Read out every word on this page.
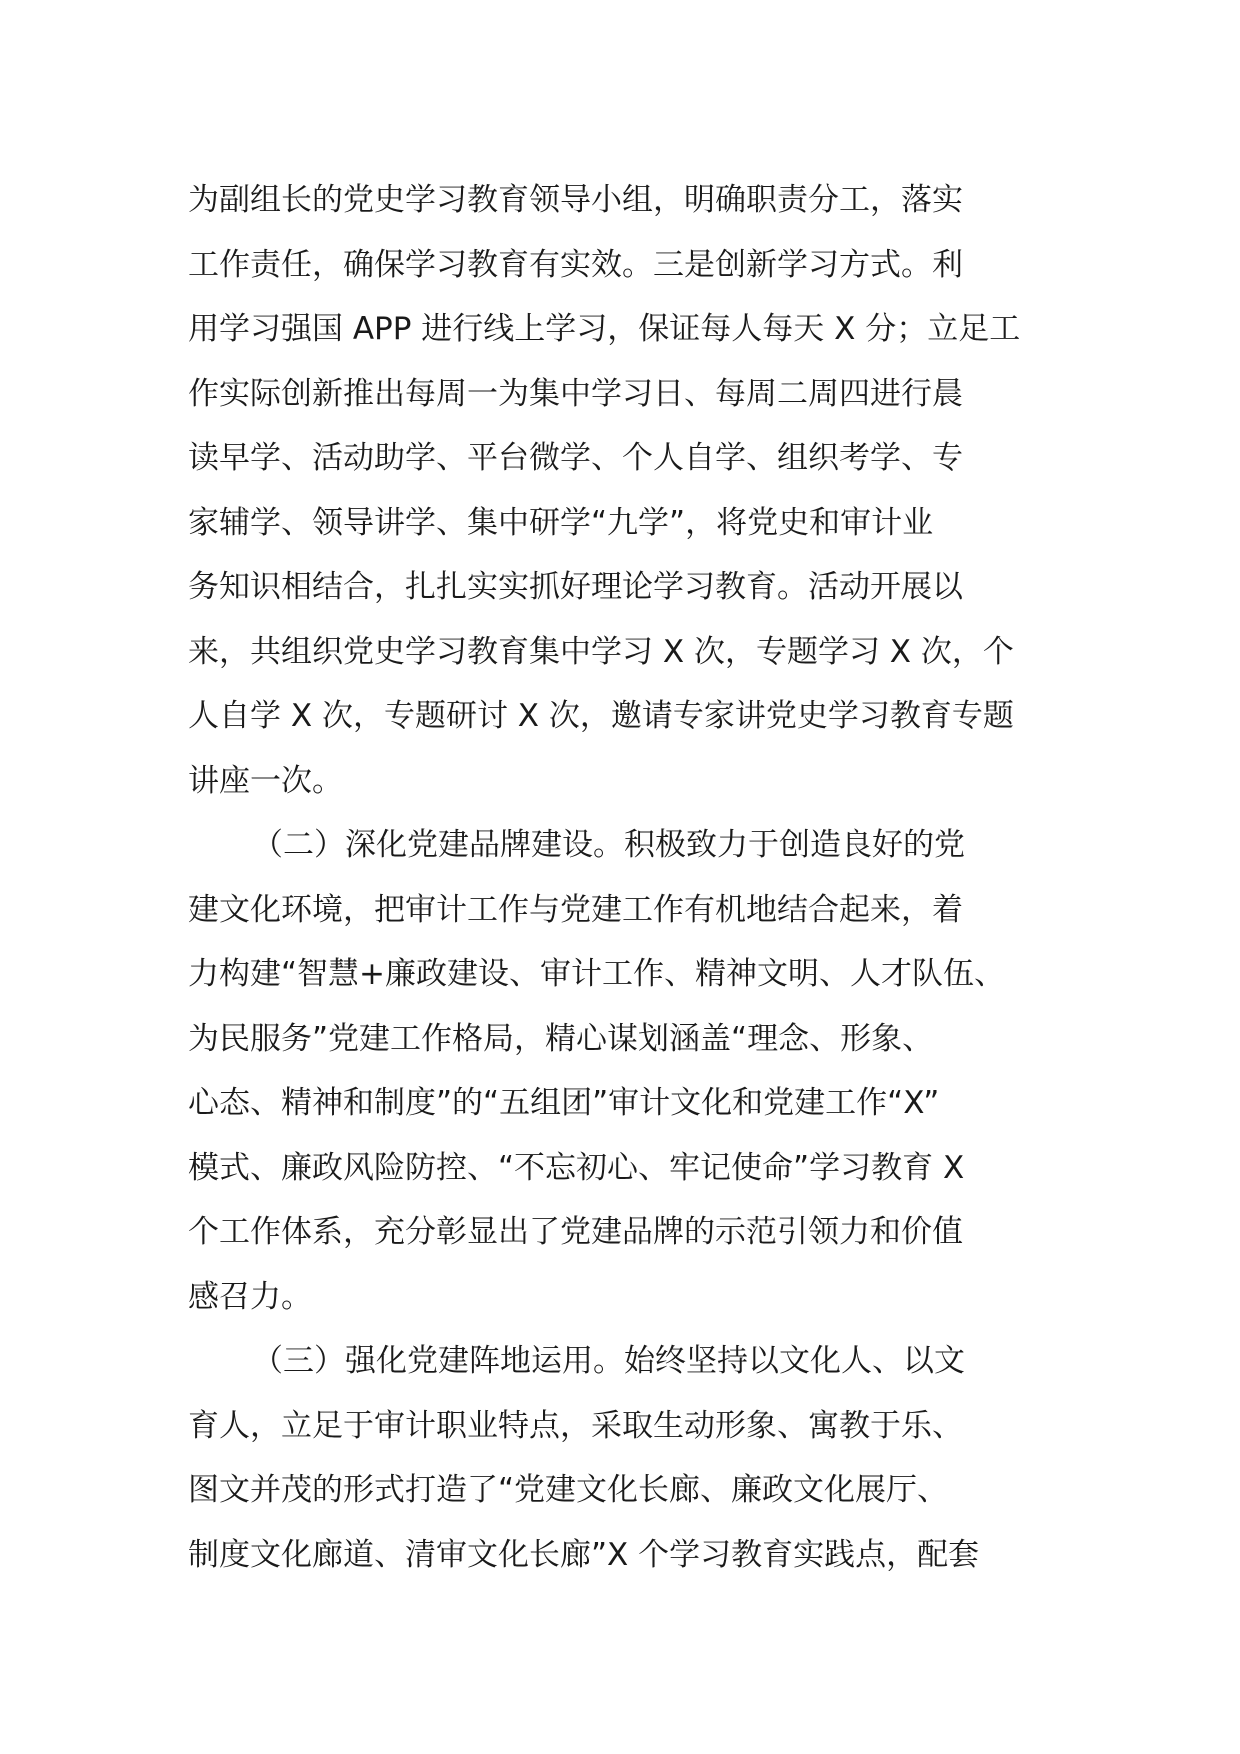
为副组长的党史学习教育领导小组，明确职责分工，落实
工作责任，确保学习教育有实效。三是创新学习方式。利
用学习强国 APP 进行线上学习，保证每人每天 X 分；立足工
作实际创新推出每周一为集中学习日、每周二周四进行晨
读早学、活动助学、平台微学、个人自学、组织考学、专
家辅学、领导讲学、集中研学“九学”，将党史和审计业
务知识相结合，扎扎实实抓好理论学习教育。活动开展以
来，共组织党史学习教育集中学习 X 次，专题学习 X 次，个
人自学 X 次，专题研讨 X 次，邀请专家讲党史学习教育专题
讲座一次。
（二）深化党建品牌建设。积极致力于创造良好的党
建文化环境，把审计工作与党建工作有机地结合起来，着
力构建“智慧+廉政建设、审计工作、精神文明、人才队伍、
为民服务”党建工作格局，精心谋划涵盖“理念、形象、
心态、精神和制度”的“五组团”审计文化和党建工作“X”
模式、廉政风险防控、“不忘初心、牢记使命”学习教育 X
个工作体系，充分彰显出了党建品牌的示范引领力和价值
感召力。
（三）强化党建阵地运用。始终坚持以文化人、以文
育人，立足于审计职业特点，采取生动形象、寓教于乐、
图文并茂的形式打造了“党建文化长廊、廉政文化展厅、
制度文化廊道、清审文化长廊”X 个学习教育实践点，配套
